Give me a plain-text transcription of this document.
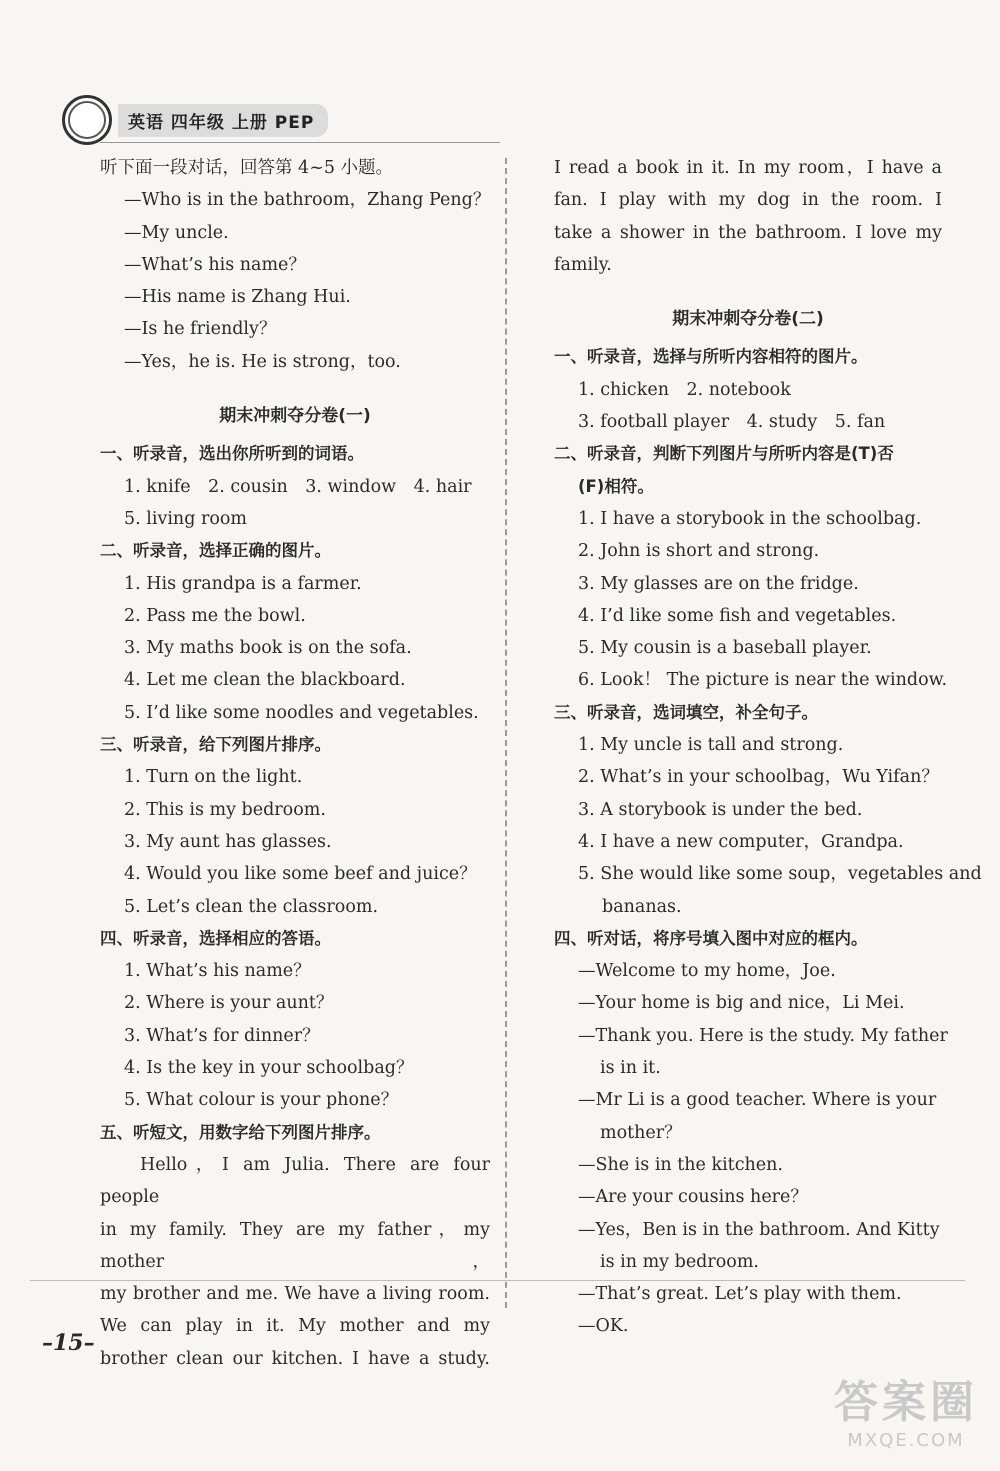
英语 四年级 上册 PEP
听下面一段对话，回答第 4~5 小题。
—Who is in the bathroom，Zhang Peng？
—My uncle.
—What’s his name？
—His name is Zhang Hui.
—Is he friendly？
—Yes，he is. He is strong，too.
期末冲刺夺分卷(一)
一、听录音，选出你所听到的词语。
1. knife　2. cousin　3. window　4. hair
5. living room
二、听录音，选择正确的图片。
1. His grandpa is a farmer.
2. Pass me the bowl.
3. My maths book is on the sofa.
4. Let me clean the blackboard.
5. I’d like some noodles and vegetables.
三、听录音，给下列图片排序。
1. Turn on the light.
2. This is my bedroom.
3. My aunt has glasses.
4. Would you like some beef and juice？
5. Let’s clean the classroom.
四、听录音，选择相应的答语。
1. What’s his name？
2. Where is your aunt？
3. What’s for dinner？
4. Is the key in your schoolbag？
5. What colour is your phone？
五、听短文，用数字给下列图片排序。
Hello，I am Julia. There are four people
in my family. They are my father，my mother，
my brother and me. We have a living room.
We can play in it. My mother and my
brother clean our kitchen. I have a study.
I read a book in it. In my room，I have a
fan. I play with my dog in the room. I
take a shower in the bathroom. I love my
family.
期末冲刺夺分卷(二)
一、听录音，选择与所听内容相符的图片。
1. chicken　2. notebook
3. football player　4. study　5. fan
二、听录音，判断下列图片与所听内容是(T)否
(F)相符。
1. I have a storybook in the schoolbag.
2. John is short and strong.
3. My glasses are on the fridge.
4. I’d like some fish and vegetables.
5. My cousin is a baseball player.
6. Look！ The picture is near the window.
三、听录音，选词填空，补全句子。
1. My uncle is tall and strong.
2. What’s in your schoolbag，Wu Yifan？
3. A storybook is under the bed.
4. I have a new computer，Grandpa.
5. She would like some soup，vegetables and
bananas.
四、听对话，将序号填入图中对应的框内。
—Welcome to my home，Joe.
—Your home is big and nice，Li Mei.
—Thank you. Here is the study. My father
is in it.
—Mr Li is a good teacher. Where is your
mother？
—She is in the kitchen.
—Are your cousins here？
—Yes，Ben is in the bathroom. And Kitty
is in my bedroom.
—That’s great. Let’s play with them.
—OK.
–15–
答案圈
MXQE.COM
